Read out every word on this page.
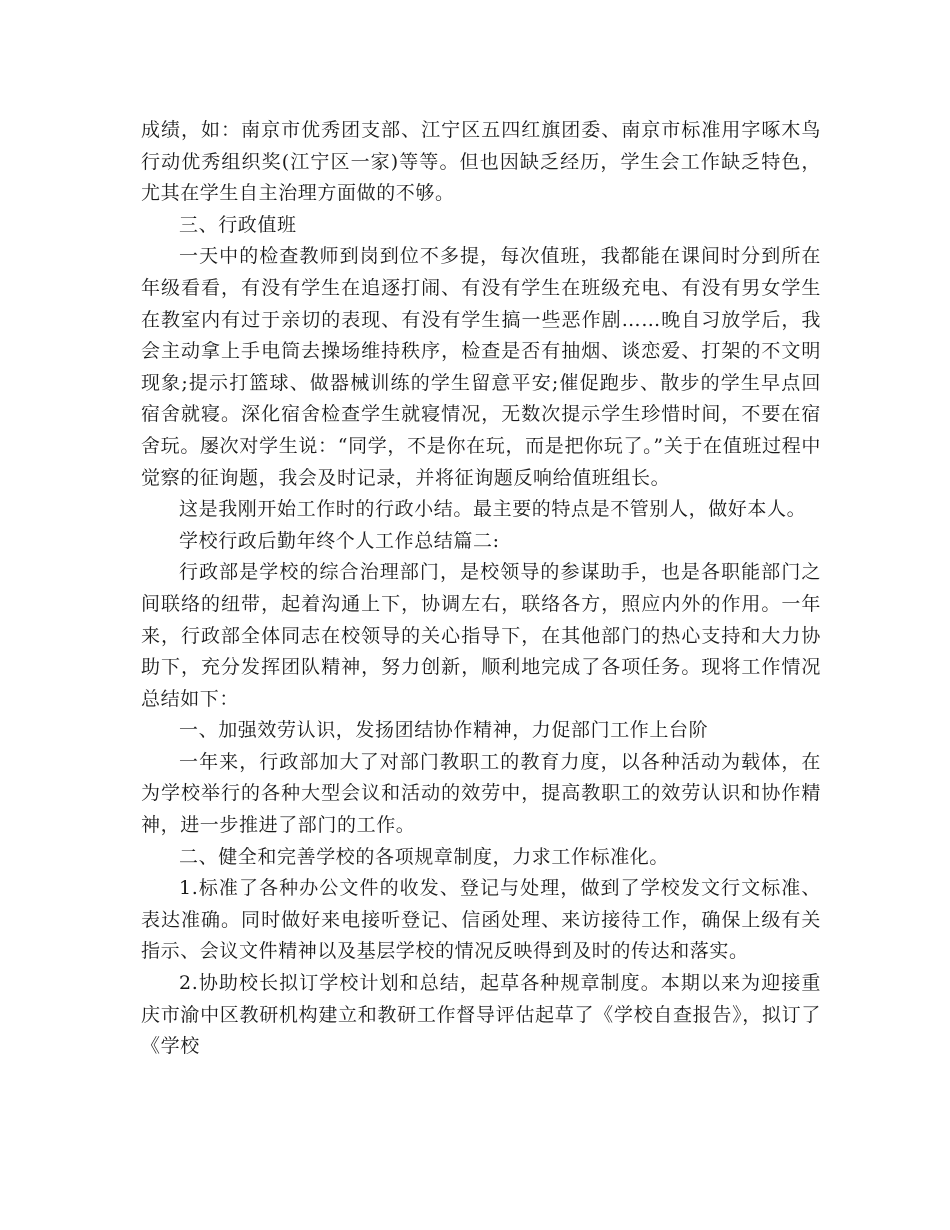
成绩，如：南京市优秀团支部、江宁区五四红旗团委、南京市标准用字啄木鸟行动优秀组织奖(江宁区一家)等等。但也因缺乏经历，学生会工作缺乏特色，尤其在学生自主治理方面做的不够。

三、行政值班

一天中的检查教师到岗到位不多提，每次值班，我都能在课间时分到所在年级看看，有没有学生在追逐打闹、有没有学生在班级充电、有没有男女学生在教室内有过于亲切的表现、有没有学生搞一些恶作剧……晚自习放学后，我会主动拿上手电筒去操场维持秩序，检查是否有抽烟、谈恋爱、打架的不文明现象;提示打篮球、做器械训练的学生留意平安;催促跑步、散步的学生早点回宿舍就寝。深化宿舍检查学生就寝情况，无数次提示学生珍惜时间，不要在宿舍玩。屡次对学生说：“同学，不是你在玩，而是把你玩了。”关于在值班过程中觉察的征询题，我会及时记录，并将征询题反响给值班组长。

这是我刚开始工作时的行政小结。最主要的特点是不管别人，做好本人。

学校行政后勤年终个人工作总结篇二:

行政部是学校的综合治理部门，是校领导的参谋助手，也是各职能部门之间联络的纽带，起着沟通上下，协调左右，联络各方，照应内外的作用。一年来，行政部全体同志在校领导的关心指导下，在其他部门的热心支持和大力协助下，充分发挥团队精神，努力创新，顺利地完成了各项任务。现将工作情况总结如下：

一、加强效劳认识，发扬团结协作精神，力促部门工作上台阶

一年来，行政部加大了对部门教职工的教育力度，以各种活动为载体，在为学校举行的各种大型会议和活动的效劳中，提高教职工的效劳认识和协作精神，进一步推进了部门的工作。

二、健全和完善学校的各项规章制度，力求工作标准化。

1.标准了各种办公文件的收发、登记与处理，做到了学校发文行文标准、表达准确。同时做好来电接听登记、信函处理、来访接待工作，确保上级有关指示、会议文件精神以及基层学校的情况反映得到及时的传达和落实。

2.协助校长拟订学校计划和总结，起草各种规章制度。本期以来为迎接重庆市渝中区教研机构建立和教研工作督导评估起草了《学校自查报告》，拟订了《学校
